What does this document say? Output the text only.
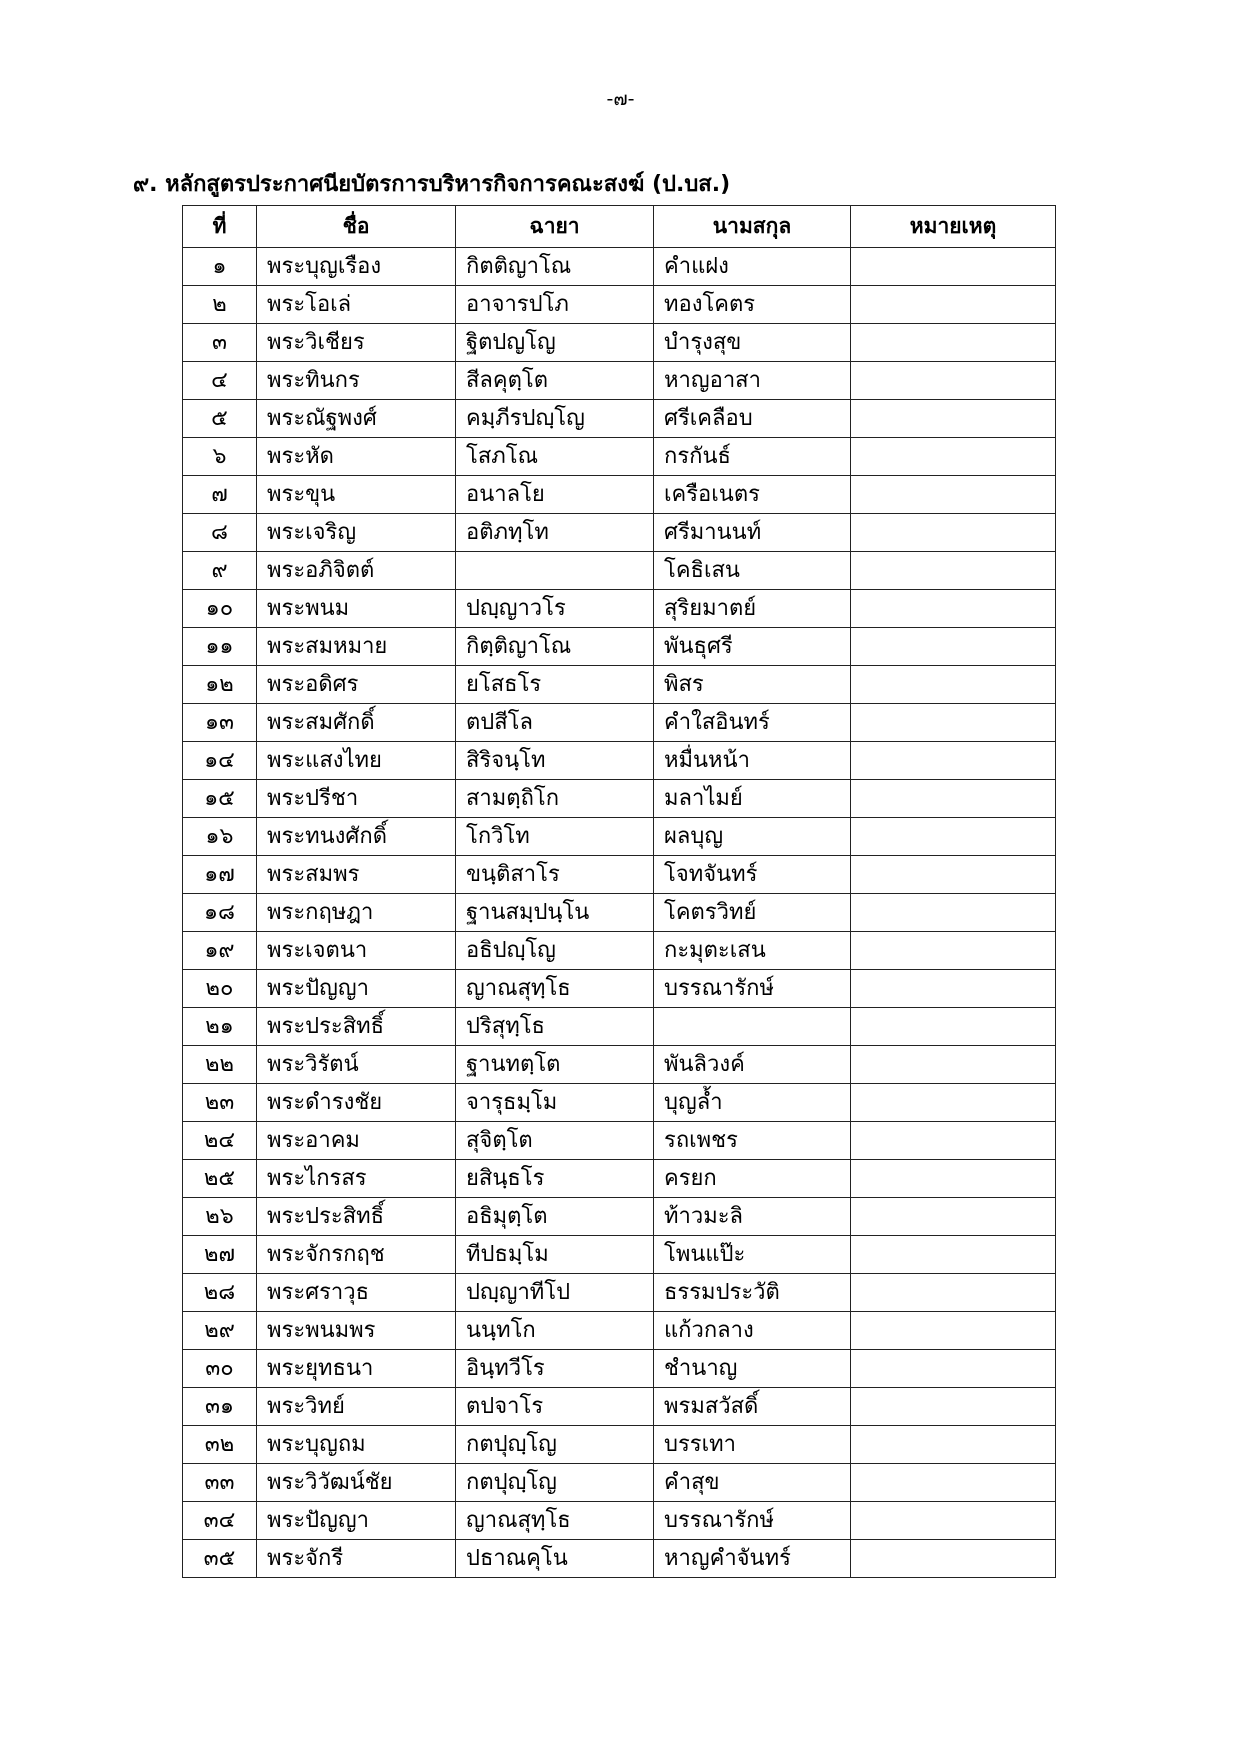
-๗-
๙. หลักสูตรประกาศนียบัตรการบริหารกิจการคณะสงฆ์ (ป.บส.)
ที่	ชื่อ	ฉายา	นามสกุล	หมายเหตุ
๑	พระบุญเรือง	กิตติญาโณ	คำแฝง	
๒	พระโอเล่	อาจารปโภ	ทองโคตร	
๓	พระวิเชียร	ฐิตปญโญ	บำรุงสุข	
๔	พระทินกร	สีลคุตฺโต	หาญอาสา	
๕	พระณัฐพงศ์	คมฺภีรปญฺโญ	ศรีเคลือบ	
๖	พระหัด	โสภโณ	กรกันธ์	
๗	พระขุน	อนาลโย	เครือเนตร	
๘	พระเจริญ	อติภทฺโท	ศรีมานนท์	
๙	พระอภิจิตต์		โคธิเสน	
๑๐	พระพนม	ปญฺญาวโร	สุริยมาตย์	
๑๑	พระสมหมาย	กิตฺติญาโณ	พันธุศรี	
๑๒	พระอดิศร	ยโสธโร	พิสร	
๑๓	พระสมศักดิ์	ตปสีโล	คำใสอินทร์	
๑๔	พระแสงไทย	สิริจนฺโท	หมื่นหน้า	
๑๕	พระปรีชา	สามตฺถิโก	มลาไมย์	
๑๖	พระทนงศักดิ์	โกวิโท	ผลบุญ	
๑๗	พระสมพร	ขนฺติสาโร	โจทจันทร์	
๑๘	พระกฤษฎา	ฐานสมฺปนฺโน	โคตรวิทย์	
๑๙	พระเจตนา	อธิปญฺโญ	กะมุตะเสน	
๒๐	พระปัญญา	ญาณสุทฺโธ	บรรณารักษ์	
๒๑	พระประสิทธิ์	ปริสุทฺโธ		
๒๒	พระวิรัตน์	ฐานทตฺโต	พันลิวงค์	
๒๓	พระดำรงชัย	จารุธมฺโม	บุญล้ำ	
๒๔	พระอาคม	สุจิตฺโต	รถเพชร	
๒๕	พระไกรสร	ยสินฺธโร	ครยก	
๒๖	พระประสิทธิ์	อธิมุตฺโต	ท้าวมะลิ	
๒๗	พระจักรกฤช	ทีปธมฺโม	โพนแป๊ะ	
๒๘	พระศราวุธ	ปญฺญาทีโป	ธรรมประวัติ	
๒๙	พระพนมพร	นนฺทโก	แก้วกลาง	
๓๐	พระยุทธนา	อินฺทวีโร	ชำนาญ	
๓๑	พระวิทย์	ตปจาโร	พรมสวัสดิ์	
๓๒	พระบุญถม	กตปุญฺโญ	บรรเทา	
๓๓	พระวิวัฒน์ชัย	กตปุญฺโญ	คำสุข	
๓๔	พระปัญญา	ญาณสุทฺโธ	บรรณารักษ์	
๓๕	พระจักรี	ปธาณคุโน	หาญคำจันทร์	
